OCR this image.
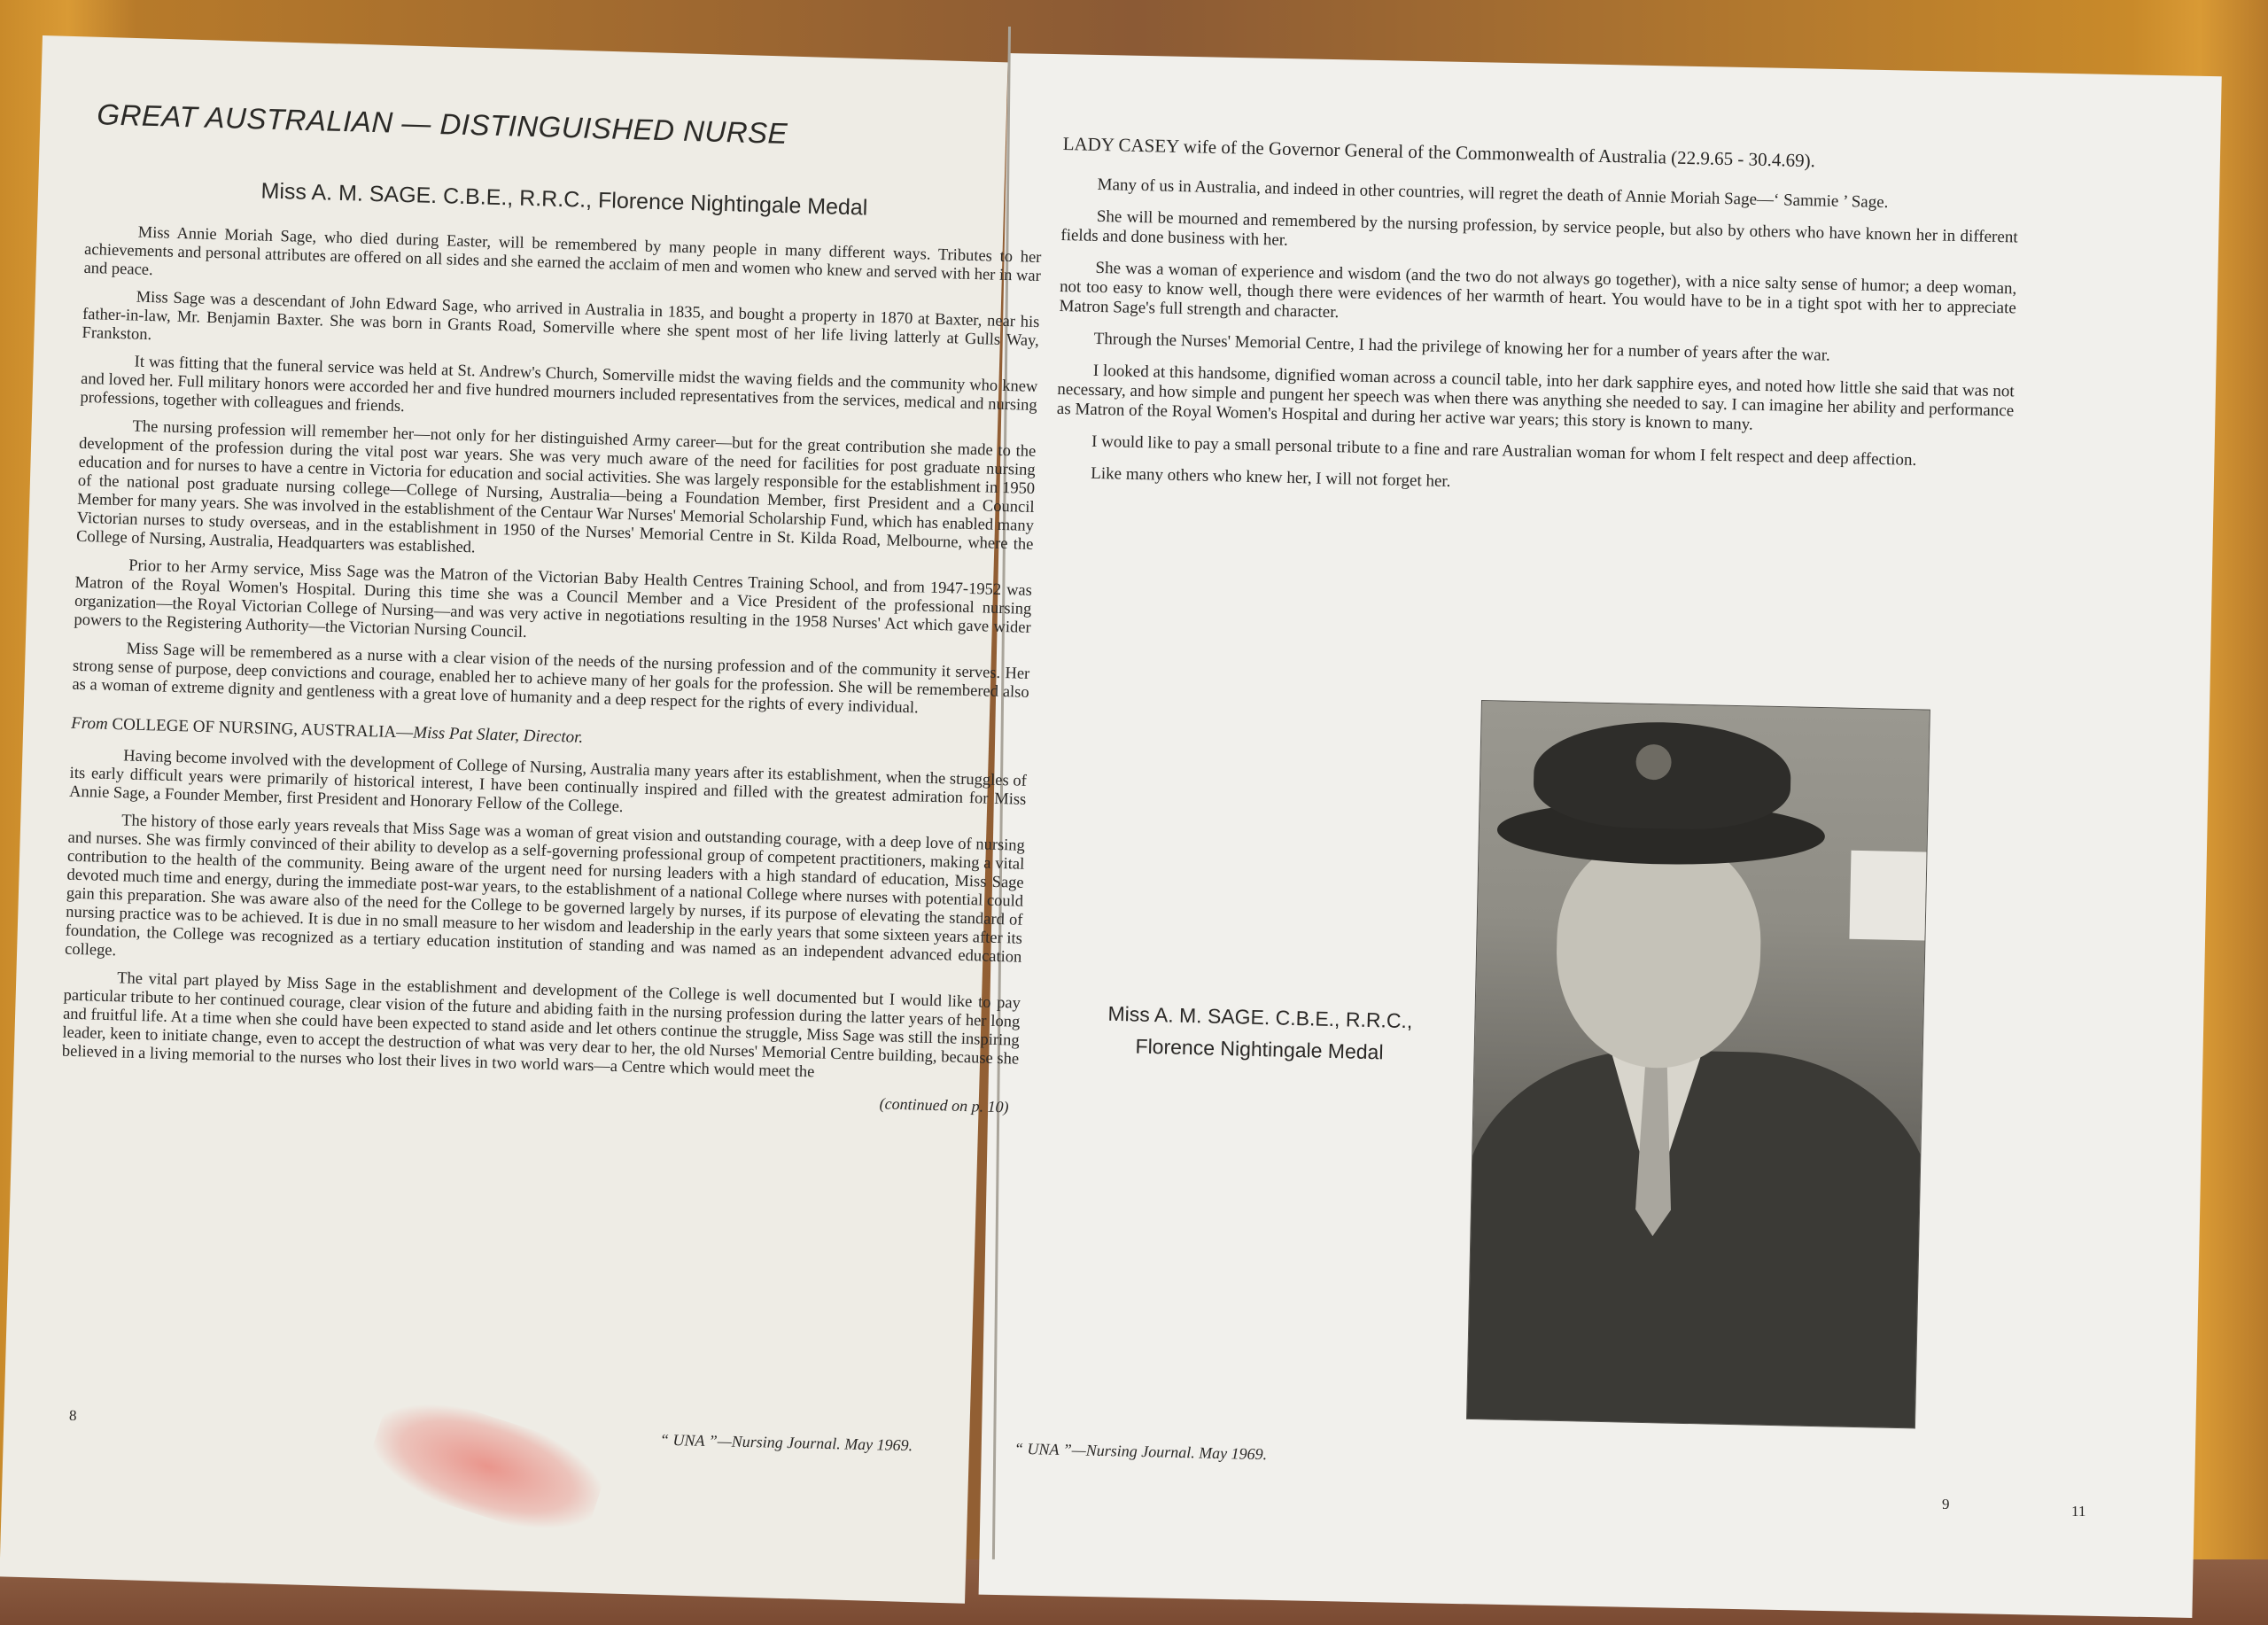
GREAT AUSTRALIAN — DISTINGUISHED NURSE
Miss A. M. SAGE. C.B.E., R.R.C., Florence Nightingale Medal

Miss Annie Moriah Sage, who died during Easter, will be remembered by many people in many different ways. Tributes to her achievements and personal attributes are offered on all sides and she earned the acclaim of men and women who knew and served with her in war and peace.

Miss Sage was a descendant of John Edward Sage, who arrived in Australia in 1835, and bought a property in 1870 at Baxter, near his father-in-law, Mr. Benjamin Baxter. She was born in Grants Road, Somerville where she spent most of her life living latterly at Gulls Way, Frankston.

It was fitting that the funeral service was held at St. Andrew's Church, Somerville midst the waving fields and the community who knew and loved her. Full military honors were accorded her and five hundred mourners included representatives from the services, medical and nursing professions, together with colleagues and friends.

The nursing profession will remember her—not only for her distinguished Army career—but for the great contribution she made to the development of the profession during the vital post war years. She was very much aware of the need for facilities for post graduate nursing education and for nurses to have a centre in Victoria for education and social activities. She was largely responsible for the establishment in 1950 of the national post graduate nursing college—College of Nursing, Australia—being a Foundation Member, first President and a Council Member for many years. She was involved in the establishment of the Centaur War Nurses' Memorial Scholarship Fund, which has enabled many Victorian nurses to study overseas, and in the establishment in 1950 of the Nurses' Memorial Centre in St. Kilda Road, Melbourne, where the College of Nursing, Australia, Headquarters was established.

Prior to her Army service, Miss Sage was the Matron of the Victorian Baby Health Centres Training School, and from 1947-1952 was Matron of the Royal Women's Hospital. During this time she was a Council Member and a Vice President of the professional nursing organization—the Royal Victorian College of Nursing—and was very active in negotiations resulting in the 1958 Nurses' Act which gave wider powers to the Registering Authority—the Victorian Nursing Council.

Miss Sage will be remembered as a nurse with a clear vision of the needs of the nursing profession and of the community it serves. Her strong sense of purpose, deep convictions and courage, enabled her to achieve many of her goals for the profession. She will be remembered also as a woman of extreme dignity and gentleness with a great love of humanity and a deep respect for the rights of every individual.

From COLLEGE OF NURSING, AUSTRALIA—Miss Pat Slater, Director.

Having become involved with the development of College of Nursing, Australia many years after its establishment, when the struggles of its early difficult years were primarily of historical interest, I have been continually inspired and filled with the greatest admiration for Miss Annie Sage, a Founder Member, first President and Honorary Fellow of the College.

The history of those early years reveals that Miss Sage was a woman of great vision and outstanding courage, with a deep love of nursing and nurses. She was firmly convinced of their ability to develop as a self-governing professional group of competent practitioners, making a vital contribution to the health of the community. Being aware of the urgent need for nursing leaders with a high standard of education, Miss Sage devoted much time and energy, during the immediate post-war years, to the establishment of a national College where nurses with potential could gain this preparation. She was aware also of the need for the College to be governed largely by nurses, if its purpose of elevating the standard of nursing practice was to be achieved. It is due in no small measure to her wisdom and leadership in the early years that some sixteen years after its foundation, the College was recognized as a tertiary education institution of standing and was named as an independent advanced education college.

The vital part played by Miss Sage in the establishment and development of the College is well documented but I would like to pay particular tribute to her continued courage, clear vision of the future and abiding faith in the nursing profession during the latter years of her long and fruitful life. At a time when she could have been expected to stand aside and let others continue the struggle, Miss Sage was still the inspiring leader, keen to initiate change, even to accept the destruction of what was very dear to her, the old Nurses' Memorial Centre building, because she believed in a living memorial to the nurses who lost their lives in two world wars—a Centre which would meet the

(continued on p. 10)
8
“ UNA ”—Nursing Journal. May 1969.
LADY CASEY wife of the Governor General of the Commonwealth of Australia (22.9.65 - 30.4.69).

Many of us in Australia, and indeed in other countries, will regret the death of Annie Moriah Sage—‘ Sammie ’ Sage.

She will be mourned and remembered by the nursing profession, by service people, but also by others who have known her in different fields and done business with her.

She was a woman of experience and wisdom (and the two do not always go together), with a nice salty sense of humor; a deep woman, not too easy to know well, though there were evidences of her warmth of heart. You would have to be in a tight spot with her to appreciate Matron Sage's full strength and character.

Through the Nurses' Memorial Centre, I had the privilege of knowing her for a number of years after the war.

I looked at this handsome, dignified woman across a council table, into her dark sapphire eyes, and noted how little she said that was not necessary, and how simple and pungent her speech was when there was anything she needed to say. I can imagine her ability and performance as Matron of the Royal Women's Hospital and during her active war years; this story is known to many.

I would like to pay a small personal tribute to a fine and rare Australian woman for whom I felt respect and deep affection.

Like many others who knew her, I will not forget her.

Miss A. M. SAGE. C.B.E., R.R.C.,
Florence Nightingale Medal
“ UNA ”—Nursing Journal. May 1969.
9	11
